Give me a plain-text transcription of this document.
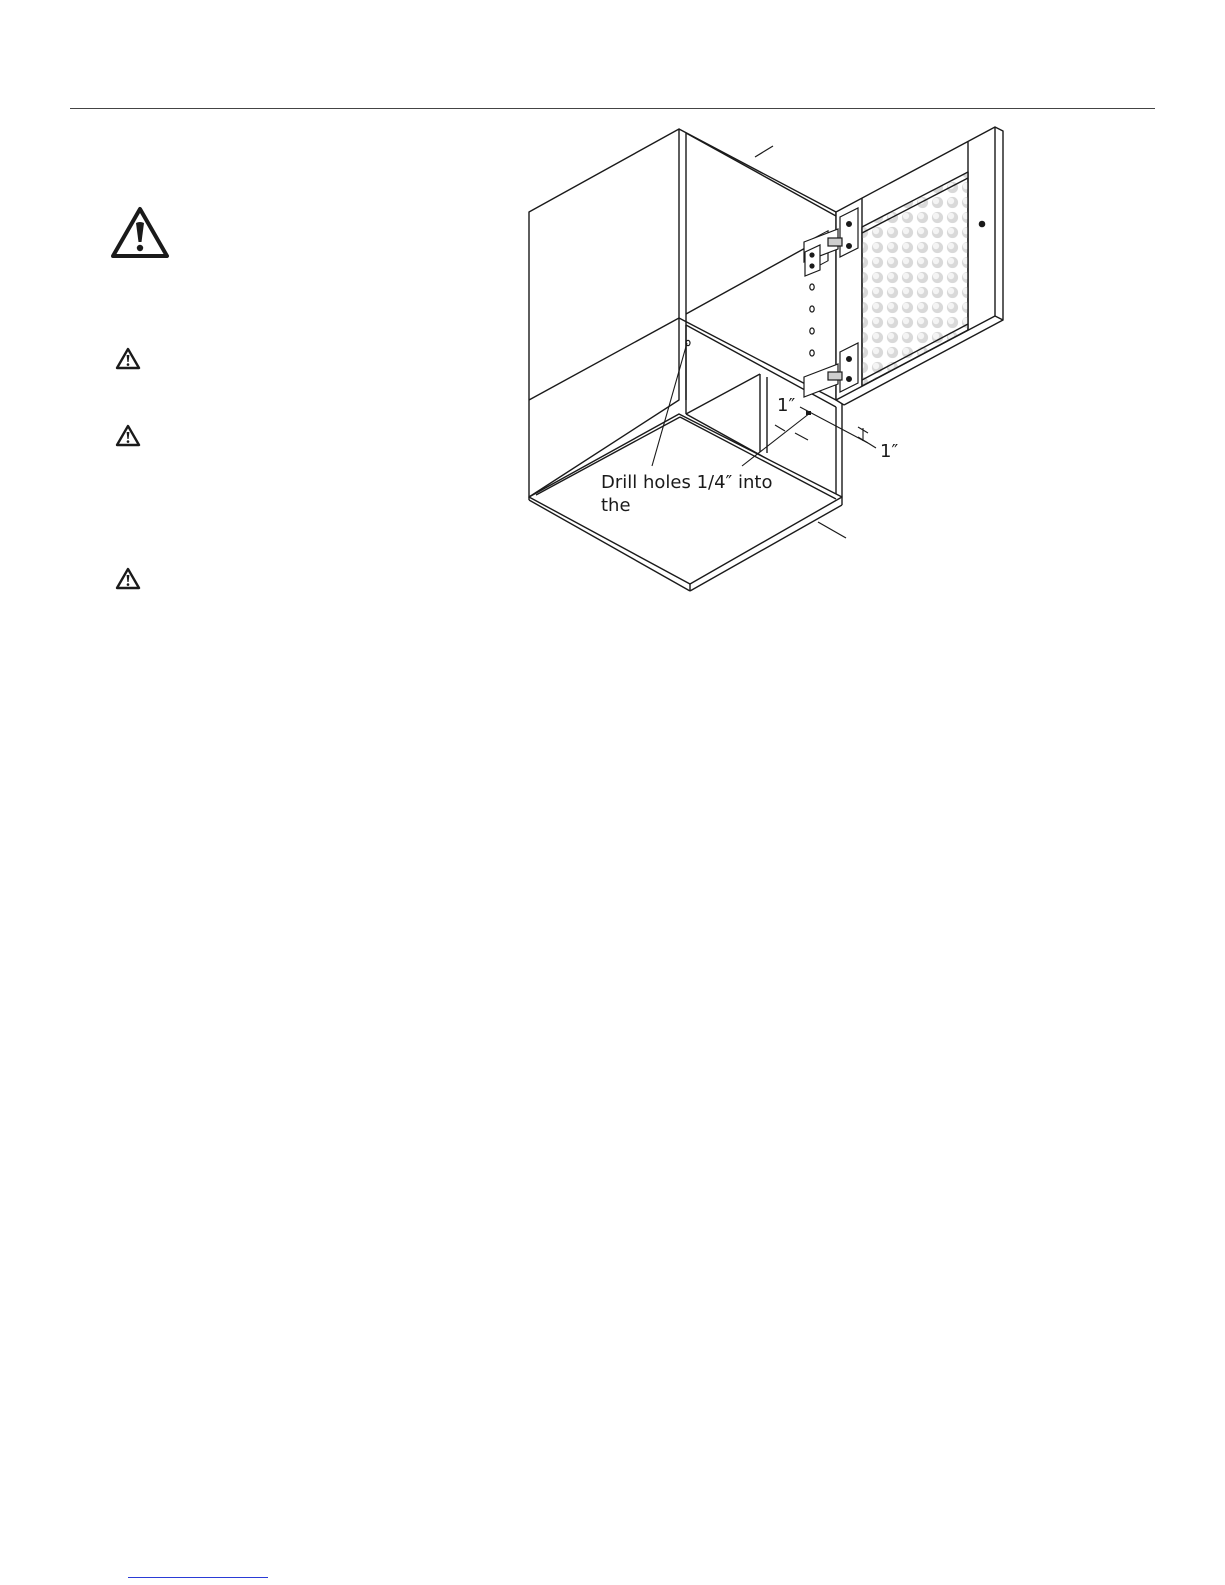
1″
1″
Drill holes 1/4″ into
the
